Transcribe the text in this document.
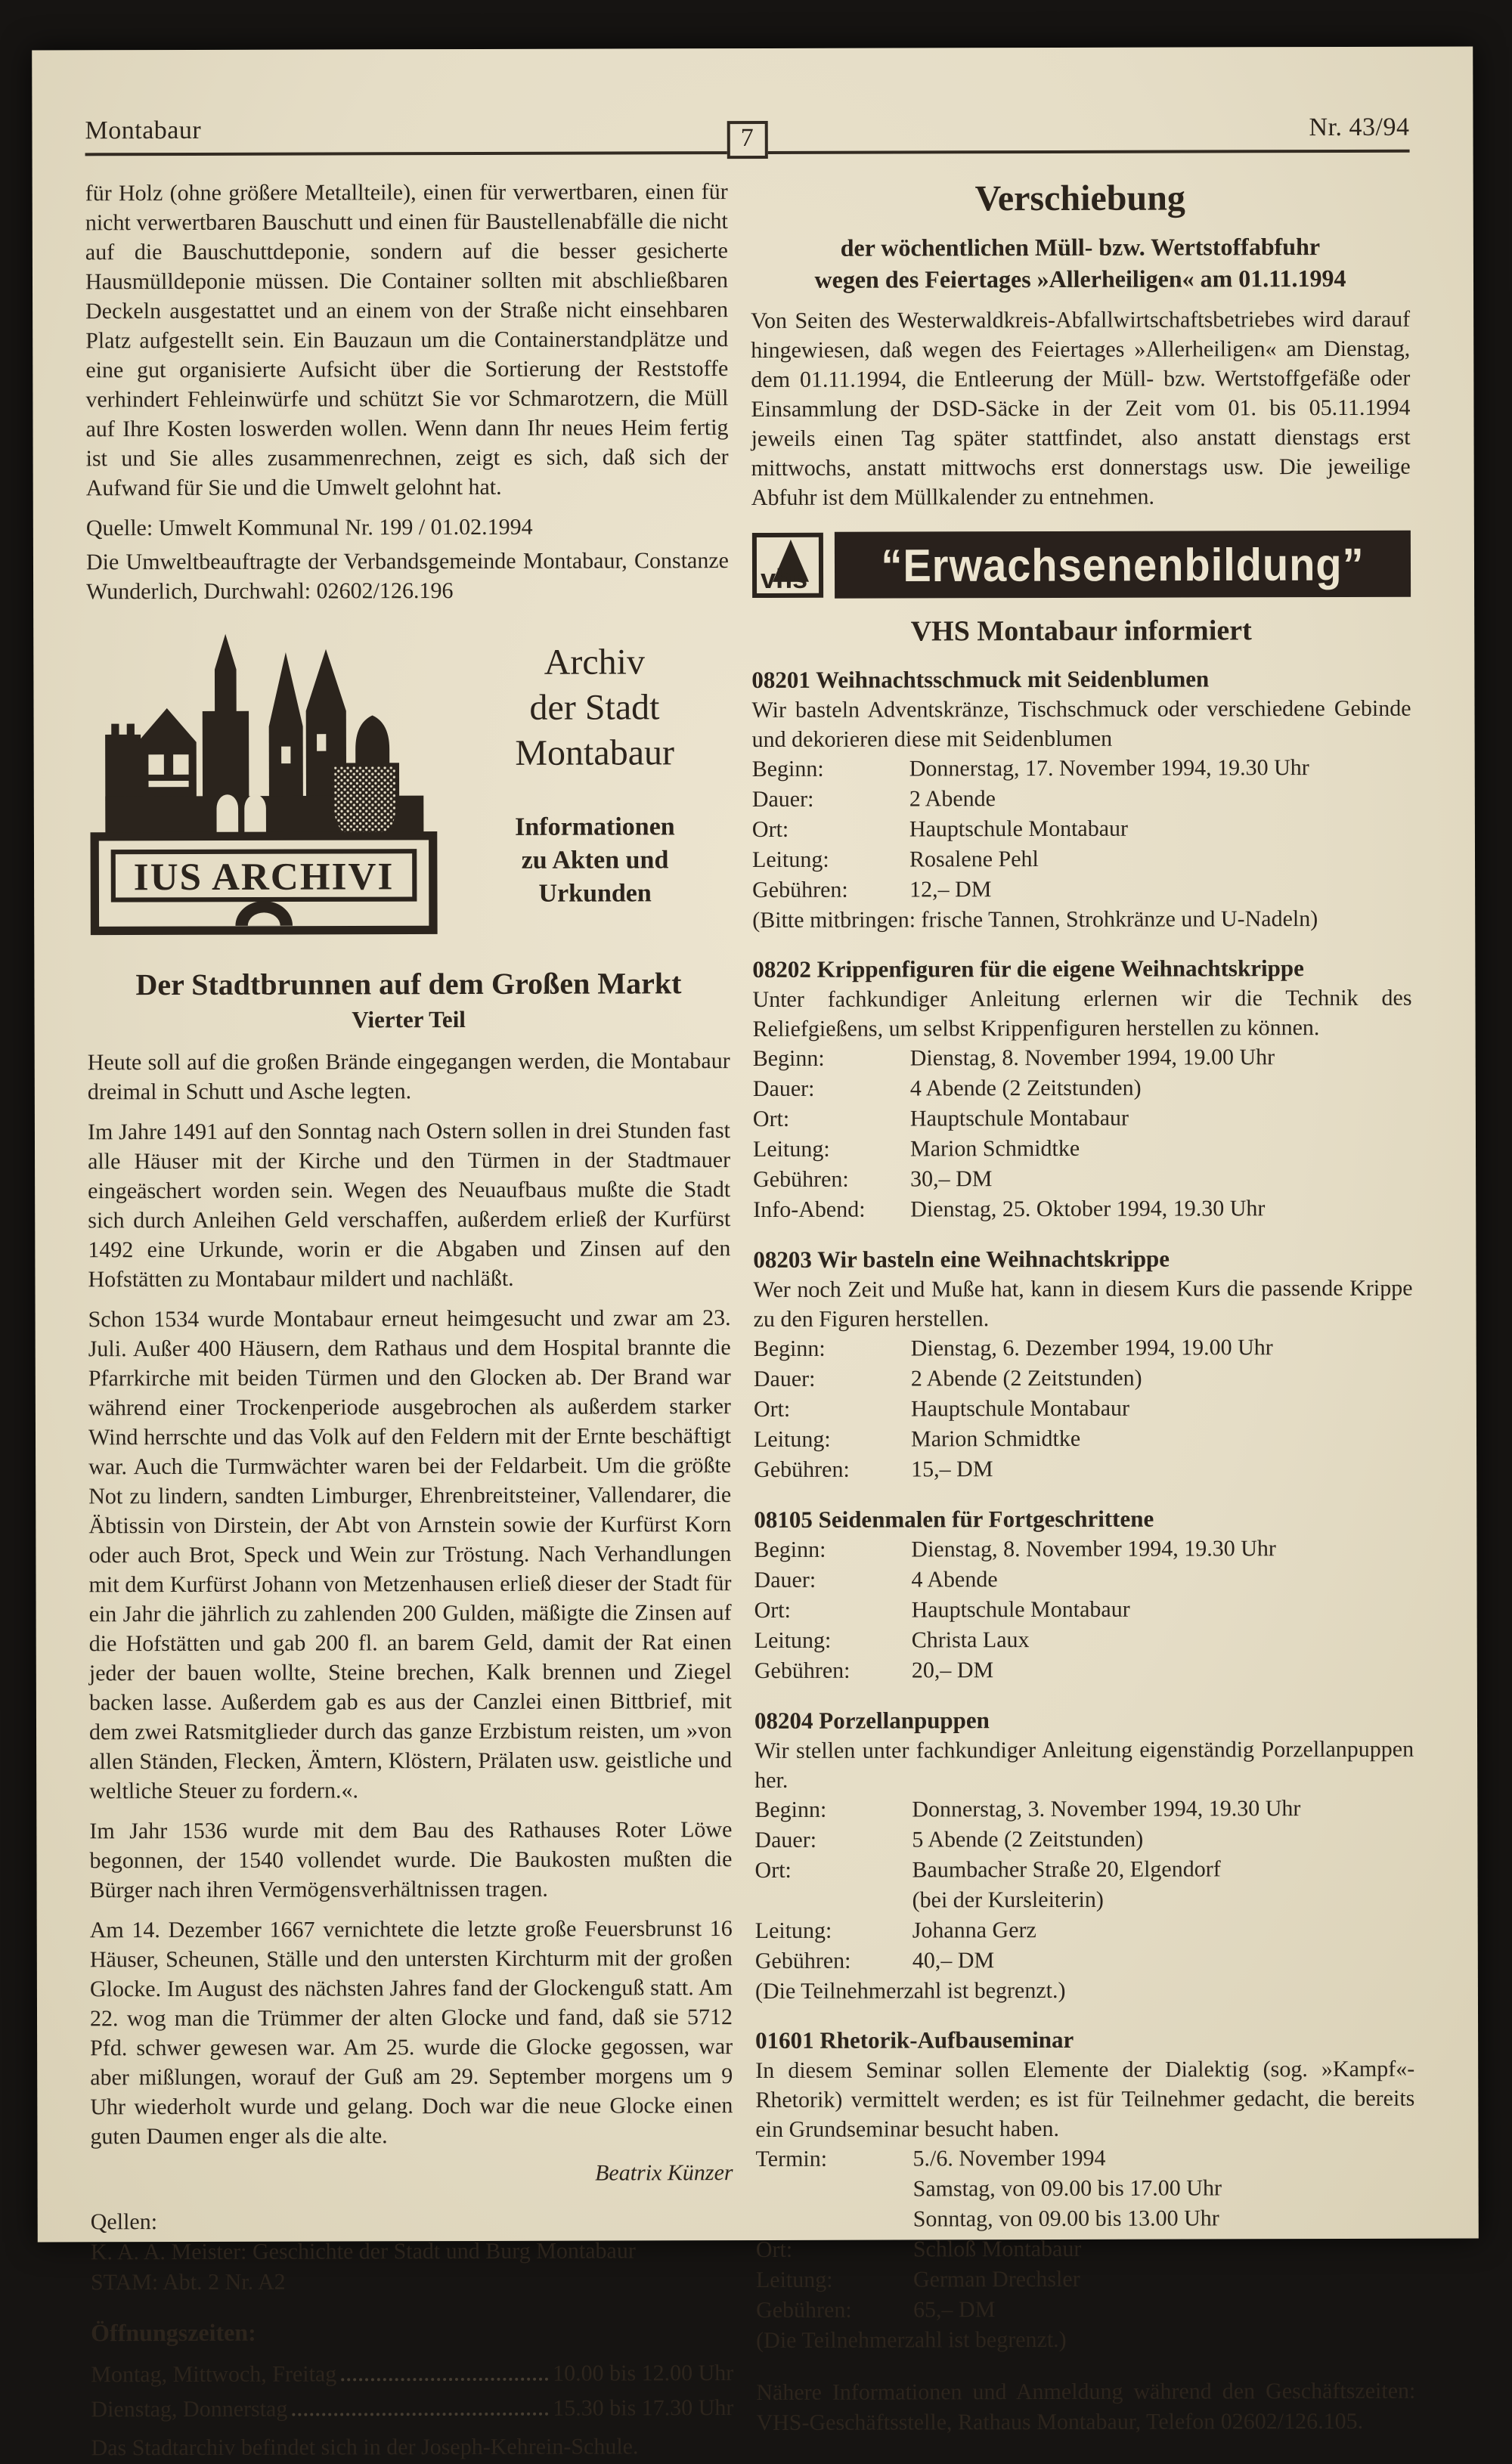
Montabaur	7	Nr. 43/94

für Holz (ohne größere Metallteile), einen für verwertbaren, einen für nicht verwertbaren Bauschutt und einen für Baustellenabfälle die nicht auf die Bauschuttdeponie, sondern auf die besser gesicherte Hausmülldeponie müssen. Die Container sollten mit abschließbaren Deckeln ausgestattet und an einem von der Straße nicht einsehbaren Platz aufgestellt sein. Ein Bauzaun um die Containerstandplätze und eine gut organisierte Aufsicht über die Sortierung der Reststoffe verhindert Fehleinwürfe und schützt Sie vor Schmarotzern, die Müll auf Ihre Kosten loswerden wollen. Wenn dann Ihr neues Heim fertig ist und Sie alles zusammenrechnen, zeigt es sich, daß sich der Aufwand für Sie und die Umwelt gelohnt hat.

Quelle: Umwelt Kommunal Nr. 199 / 01.02.1994

Die Umweltbeauftragte der Verbandsgemeinde Montabaur, Constanze Wunderlich, Durchwahl: 02602/126.196

IUS ARCHIVI
Archiv
der Stadt
Montabaur
Informationen
zu Akten und
Urkunden
Der Stadtbrunnen auf dem Großen Markt
Vierter Teil

Heute soll auf die großen Brände eingegangen werden, die Montabaur dreimal in Schutt und Asche legten.

Im Jahre 1491 auf den Sonntag nach Ostern sollen in drei Stunden fast alle Häuser mit der Kirche und den Türmen in der Stadtmauer eingeäschert worden sein. Wegen des Neuaufbaus mußte die Stadt sich durch Anleihen Geld verschaffen, außerdem erließ der Kurfürst 1492 eine Urkunde, worin er die Abgaben und Zinsen auf den Hofstätten zu Montabaur mildert und nachläßt.

Schon 1534 wurde Montabaur erneut heimgesucht und zwar am 23. Juli. Außer 400 Häusern, dem Rathaus und dem Hospital brannte die Pfarrkirche mit beiden Türmen und den Glocken ab. Der Brand war während einer Trockenperiode ausgebrochen als außerdem starker Wind herrschte und das Volk auf den Feldern mit der Ernte beschäftigt war. Auch die Turmwächter waren bei der Feldarbeit. Um die größte Not zu lindern, sandten Limburger, Ehrenbreitsteiner, Vallendarer, die Äbtissin von Dirstein, der Abt von Arnstein sowie der Kurfürst Korn oder auch Brot, Speck und Wein zur Tröstung. Nach Verhandlungen mit dem Kurfürst Johann von Metzenhausen erließ dieser der Stadt für ein Jahr die jährlich zu zahlenden 200 Gulden, mäßigte die Zinsen auf die Hofstätten und gab 200 fl. an barem Geld, damit der Rat einen jeder der bauen wollte, Steine brechen, Kalk brennen und Ziegel backen lasse. Außerdem gab es aus der Canzlei einen Bittbrief, mit dem zwei Ratsmitglieder durch das ganze Erzbistum reisten, um »von allen Ständen, Flecken, Ämtern, Klöstern, Prälaten usw. geistliche und weltliche Steuer zu fordern.«.

Im Jahr 1536 wurde mit dem Bau des Rathauses Roter Löwe begonnen, der 1540 vollendet wurde. Die Baukosten mußten die Bürger nach ihren Vermögensverhältnissen tragen.

Am 14. Dezember 1667 vernichtete die letzte große Feuersbrunst 16 Häuser, Scheunen, Ställe und den untersten Kirchturm mit der großen Glocke. Im August des nächsten Jahres fand der Glockenguß statt. Am 22. wog man die Trümmer der alten Glocke und fand, daß sie 5712 Pfd. schwer gewesen war. Am 25. wurde die Glocke gegossen, war aber mißlungen, worauf der Guß am 29. September morgens um 9 Uhr wiederholt wurde und gelang. Doch war die neue Glocke einen guten Daumen enger als die alte.

Beatrix Künzer
Qellen:
K. A. A. Meister: Geschichte der Stadt und Burg Montabaur
STAM: Abt. 2 Nr. A2
Öffnungszeiten:
Montag, Mittwoch, Freitag	10.00 bis 12.00 Uhr
Dienstag, Donnerstag	15.30 bis 17.30 Uhr
Das Stadtarchiv befindet sich in der Joseph-Kehrein-Schule.
Verschiebung
der wöchentlichen Müll- bzw. Wertstoffabfuhr
wegen des Feiertages »Allerheiligen« am 01.11.1994

Von Seiten des Westerwaldkreis-Abfallwirtschaftsbetriebes wird darauf hingewiesen, daß wegen des Feiertages »Allerheiligen« am Dienstag, dem 01.11.1994, die Entleerung der Müll- bzw. Wertstoffgefäße oder Einsammlung der DSD-Säcke in der Zeit vom 01. bis 05.11.1994 jeweils einen Tag später stattfindet, also anstatt dienstags erst mittwochs, anstatt mittwochs erst donnerstags usw. Die jeweilige Abfuhr ist dem Müllkalender zu entnehmen.

vhs “Erwachsenenbildung”
VHS Montabaur informiert
08201 Weihnachtsschmuck mit Seidenblumen
Wir basteln Adventskränze, Tischschmuck oder verschiedene Gebinde und dekorieren diese mit Seidenblumen
Beginn:	Donnerstag, 17. November 1994, 19.30 Uhr
Dauer:	2 Abende
Ort:	Hauptschule Montabaur
Leitung:	Rosalene Pehl
Gebühren:	12,– DM
(Bitte mitbringen: frische Tannen, Strohkränze und U-Nadeln)
08202 Krippenfiguren für die eigene Weihnachtskrippe
Unter fachkundiger Anleitung erlernen wir die Technik des Reliefgießens, um selbst Krippenfiguren herstellen zu können.
Beginn:	Dienstag, 8. November 1994, 19.00 Uhr
Dauer:	4 Abende (2 Zeitstunden)
Ort:	Hauptschule Montabaur
Leitung:	Marion Schmidtke
Gebühren:	30,– DM
Info-Abend:	Dienstag, 25. Oktober 1994, 19.30 Uhr
08203 Wir basteln eine Weihnachtskrippe
Wer noch Zeit und Muße hat, kann in diesem Kurs die passende Krippe zu den Figuren herstellen.
Beginn:	Dienstag, 6. Dezember 1994, 19.00 Uhr
Dauer:	2 Abende (2 Zeitstunden)
Ort:	Hauptschule Montabaur
Leitung:	Marion Schmidtke
Gebühren:	15,– DM
08105 Seidenmalen für Fortgeschrittene
Beginn:	Dienstag, 8. November 1994, 19.30 Uhr
Dauer:	4 Abende
Ort:	Hauptschule Montabaur
Leitung:	Christa Laux
Gebühren:	20,– DM
08204 Porzellanpuppen
Wir stellen unter fachkundiger Anleitung eigenständig Porzellanpuppen her.
Beginn:	Donnerstag, 3. November 1994, 19.30 Uhr
Dauer:	5 Abende (2 Zeitstunden)
Ort:	Baumbacher Straße 20, Elgendorf
(bei der Kursleiterin)
Leitung:	Johanna Gerz
Gebühren:	40,– DM
(Die Teilnehmerzahl ist begrenzt.)
01601 Rhetorik-Aufbauseminar
In diesem Seminar sollen Elemente der Dialektig (sog. »Kampf«-Rhetorik) vermittelt werden; es ist für Teilnehmer gedacht, die bereits ein Grundseminar besucht haben.
Termin:	5./6. November 1994
Samstag, von 09.00 bis 17.00 Uhr
Sonntag, von 09.00 bis 13.00 Uhr
Ort:	Schloß Montabaur
Leitung:	German Drechsler
Gebühren:	65,– DM
(Die Teilnehmerzahl ist begrenzt.)
Nähere Informationen und Anmeldung während den Geschäftszeiten: VHS-Geschäftsstelle, Rathaus Montabaur, Telefon 02602/126.105.
